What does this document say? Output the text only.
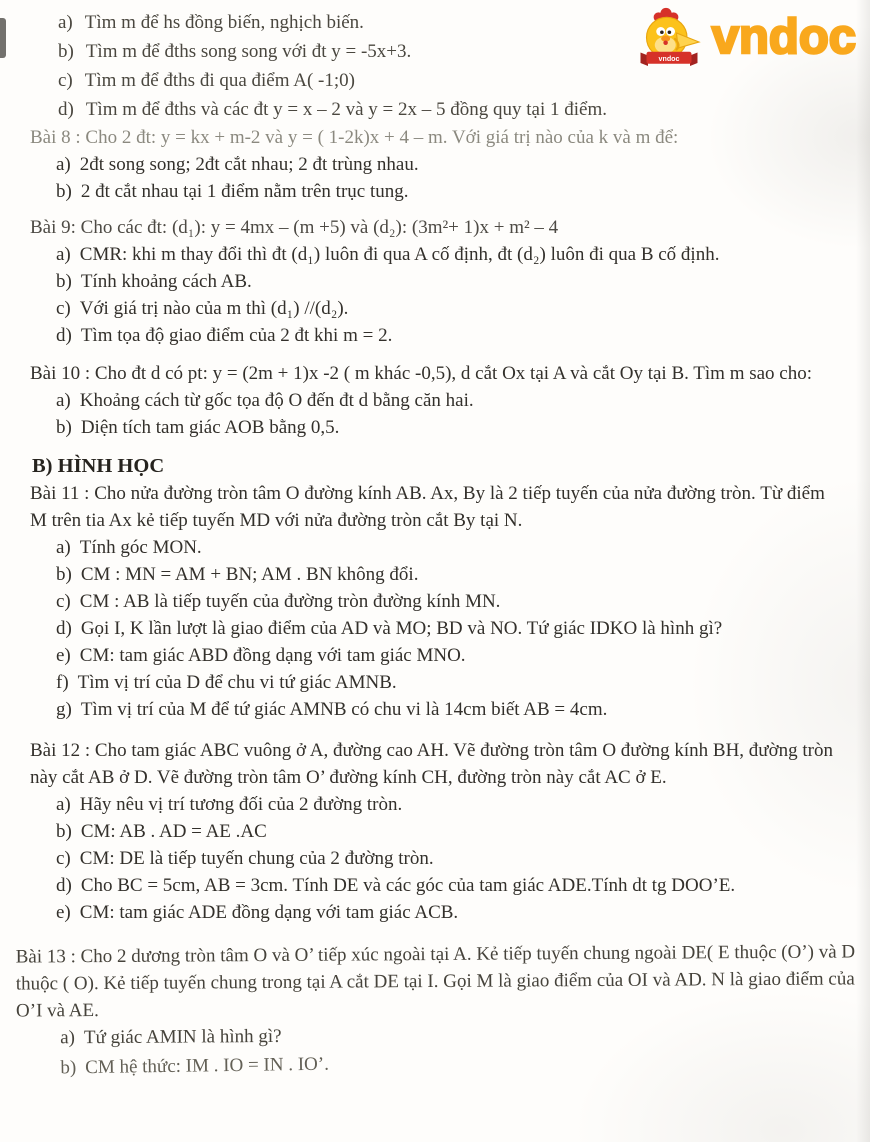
vndoc vndoc
a) Tìm m để hs đồng biến, nghịch biến.
b) Tìm m để đths song song với đt y = -5x+3.
c) Tìm m để đths đi qua điểm A( -1;0)
d) Tìm m để đths và các đt y = x – 2 và y = 2x – 5 đồng quy tại 1 điểm.

Bài 8 : Cho 2 đt: y = kx + m-2 và y = ( 1-2k)x + 4 – m. Với giá trị nào của k và m để:

a) 2đt song song; 2đt cắt nhau; 2 đt trùng nhau.
b) 2 đt cắt nhau tại 1 điểm nằm trên trục tung.

Bài 9: Cho các đt: (d₁): y = 4mx – (m +5) và (d₂): (3m²+ 1)x + m² – 4

a) CMR: khi m thay đổi thì đt (d₁) luôn đi qua A cố định, đt (d₂) luôn đi qua B cố định.
b) Tính khoảng cách AB.
c) Với giá trị nào của m thì (d₁) //(d₂).
d) Tìm tọa độ giao điểm của 2 đt khi m = 2.

Bài 10 : Cho đt d có pt: y = (2m + 1)x -2 ( m khác -0,5), d cắt Ox tại A và cắt Oy tại B. Tìm m sao cho:

a) Khoảng cách từ gốc tọa độ O đến đt d bằng căn hai.
b) Diện tích tam giác AOB bằng 0,5.

B) HÌNH HỌC

Bài 11 : Cho nửa đường tròn tâm O đường kính AB. Ax, By là 2 tiếp tuyến của nửa đường tròn. Từ điểm M trên tia Ax kẻ tiếp tuyến MD với nửa đường tròn cắt By tại N.

a) Tính góc MON.
b) CM : MN = AM + BN; AM . BN không đổi.
c) CM : AB là tiếp tuyến của đường tròn đường kính MN.
d) Gọi I, K lần lượt là giao điểm của AD và MO; BD và NO. Tứ giác IDKO là hình gì?
e) CM: tam giác ABD đồng dạng với tam giác MNO.
f) Tìm vị trí của D để chu vi tứ giác AMNB.
g) Tìm vị trí của M để tứ giác AMNB có chu vi là 14cm biết AB = 4cm.

Bài 12 : Cho tam giác ABC vuông ở A, đường cao AH. Vẽ đường tròn tâm O đường kính BH, đường tròn này cắt AB ở D. Vẽ đường tròn tâm O’ đường kính CH, đường tròn này cắt AC ở E.

a) Hãy nêu vị trí tương đối của 2 đường tròn.
b) CM: AB . AD = AE .AC
c) CM: DE là tiếp tuyến chung của 2 đường tròn.
d) Cho BC = 5cm, AB = 3cm. Tính DE và các góc của tam giác ADE.Tính dt tg DOO’E.
e) CM: tam giác ADE đồng dạng với tam giác ACB.

Bài 13 : Cho 2 dương tròn tâm O và O’ tiếp xúc ngoài tại A. Kẻ tiếp tuyến chung ngoài DE( E thuộc (O’) và D thuộc ( O). Kẻ tiếp tuyến chung trong tại A cắt DE tại I. Gọi M là giao điểm của OI và AD. N là giao điểm của O’I và AE.

a) Tứ giác AMIN là hình gì?
b) CM hệ thức: IM . IO = IN . IO’.
